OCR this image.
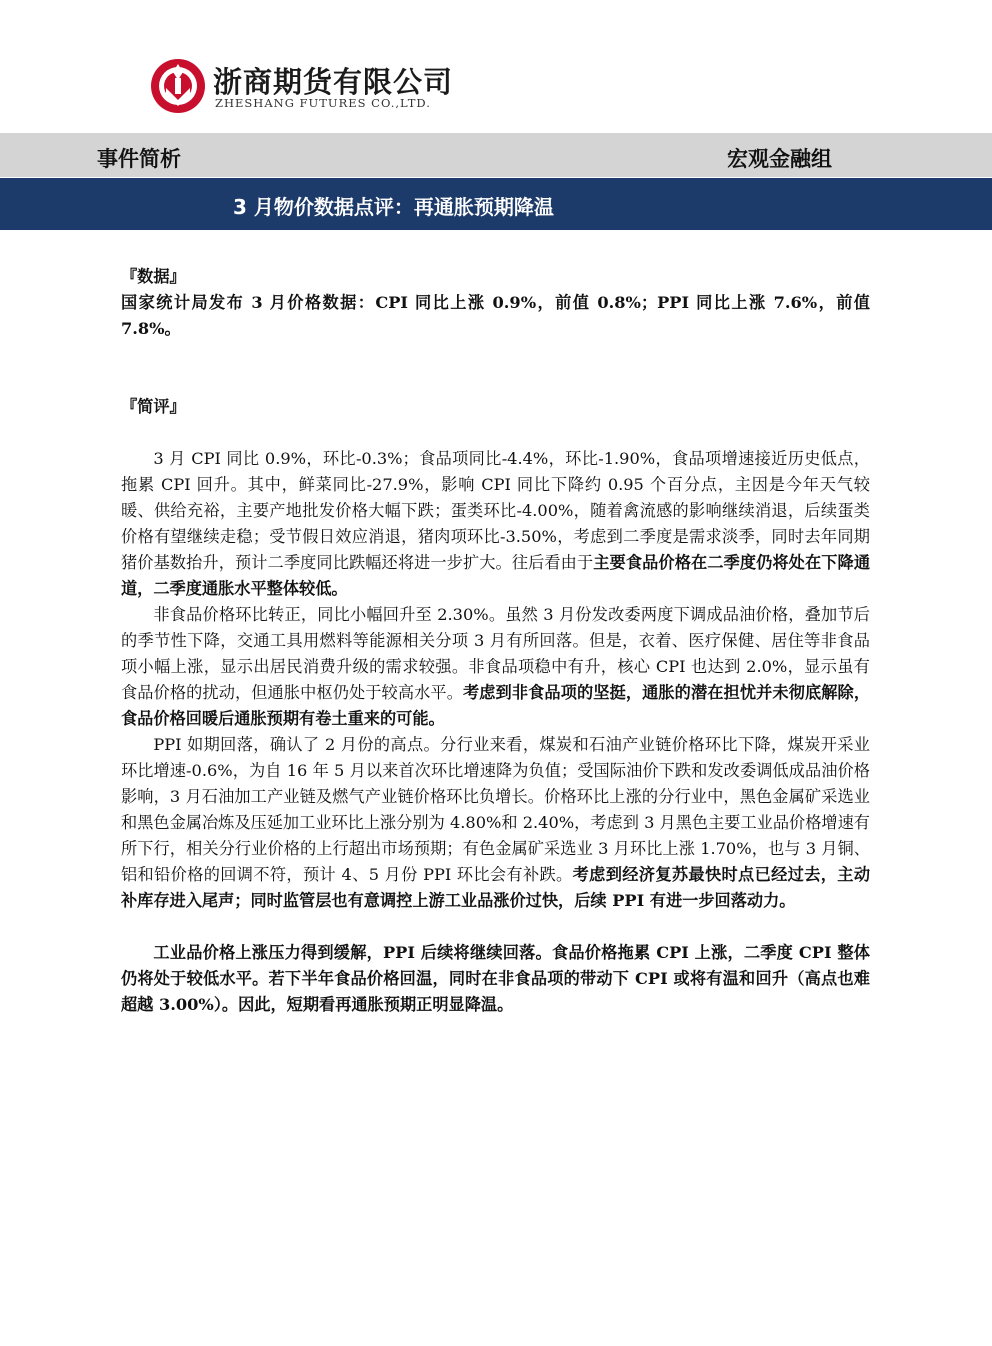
浙商期货有限公司
ZHESHANG FUTURES CO.,LTD.
事件简析	宏观金融组
3 月物价数据点评：再通胀预期降温

『数据』

国家统计局发布 3 月价格数据：CPI 同比上涨 0.9%，前值 0.8%；PPI 同比上涨 7.6%，前值 7.8%。

『简评』

3 月 CPI 同比 0.9%，环比-0.3%；食品项同比-4.4%，环比-1.90%，食品项增速接近历史低点，拖累 CPI 回升。其中，鲜菜同比-27.9%，影响 CPI 同比下降约 0.95 个百分点，主因是今年天气较暖、供给充裕，主要产地批发价格大幅下跌；蛋类环比-4.00%，随着禽流感的影响继续消退，后续蛋类价格有望继续走稳；受节假日效应消退，猪肉项环比-3.50%，考虑到二季度是需求淡季，同时去年同期猪价基数抬升，预计二季度同比跌幅还将进一步扩大。往后看由于主要食品价格在二季度仍将处在下降通道，二季度通胀水平整体较低。

非食品价格环比转正，同比小幅回升至 2.30%。虽然 3 月份发改委两度下调成品油价格，叠加节后的季节性下降，交通工具用燃料等能源相关分项 3 月有所回落。但是，衣着、医疗保健、居住等非食品项小幅上涨，显示出居民消费升级的需求较强。非食品项稳中有升，核心 CPI 也达到 2.0%，显示虽有食品价格的扰动，但通胀中枢仍处于较高水平。考虑到非食品项的坚挺，通胀的潜在担忧并未彻底解除，食品价格回暖后通胀预期有卷土重来的可能。

PPI 如期回落，确认了 2 月份的高点。分行业来看，煤炭和石油产业链价格环比下降，煤炭开采业环比增速-0.6%，为自 16 年 5 月以来首次环比增速降为负值；受国际油价下跌和发改委调低成品油价格影响，3 月石油加工产业链及燃气产业链价格环比负增长。价格环比上涨的分行业中，黑色金属矿采选业和黑色金属冶炼及压延加工业环比上涨分别为 4.80%和 2.40%，考虑到 3 月黑色主要工业品价格增速有所下行，相关分行业价格的上行超出市场预期；有色金属矿采选业 3 月环比上涨 1.70%，也与 3 月铜、铝和铅价格的回调不符，预计 4、5 月份 PPI 环比会有补跌。考虑到经济复苏最快时点已经过去，主动补库存进入尾声；同时监管层也有意调控上游工业品涨价过快，后续 PPI 有进一步回落动力。

工业品价格上涨压力得到缓解，PPI 后续将继续回落。食品价格拖累 CPI 上涨，二季度 CPI 整体仍将处于较低水平。若下半年食品价格回温，同时在非食品项的带动下 CPI 或将有温和回升（高点也难超越 3.00%）。因此，短期看再通胀预期正明显降温。
